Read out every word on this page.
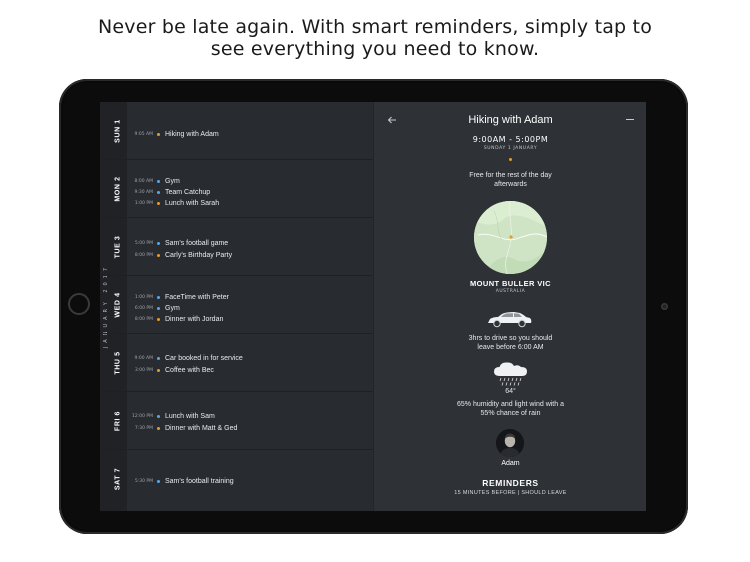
Never be late again. With smart reminders, simply tap to
see everything you need to know.
JANUARY 2017
SUN 1	9:05 AM Hiking with Adam
MON 2	8:00 AM Gym
9:30 AM Team Catchup
1:00 PM Lunch with Sarah
TUE 3	5:00 PM Sam's football game
8:00 PM Carly's Birthday Party
WED 4	1:00 PM FaceTime with Peter
6:00 PM Gym
8:00 PM Dinner with Jordan
THU 5	9:00 AM Car booked in for service
3:00 PM Coffee with Bec
FRI 6	12:00 PM Lunch with Sam
7:30 PM Dinner with Matt & Ged
SAT 7	5:30 PM Sam's football training
Hiking with Adam
9:00AM - 5:00PM
SUNDAY 1 JANUARY
Free for the rest of the day
afterwards
MOUNT BULLER VIC
AUSTRALIA
3hrs to drive so you should
leave before 6:00 AM
64°
65% humidity and light wind with a
55% chance of rain
Adam
REMINDERS
15 MINUTES BEFORE | SHOULD LEAVE
